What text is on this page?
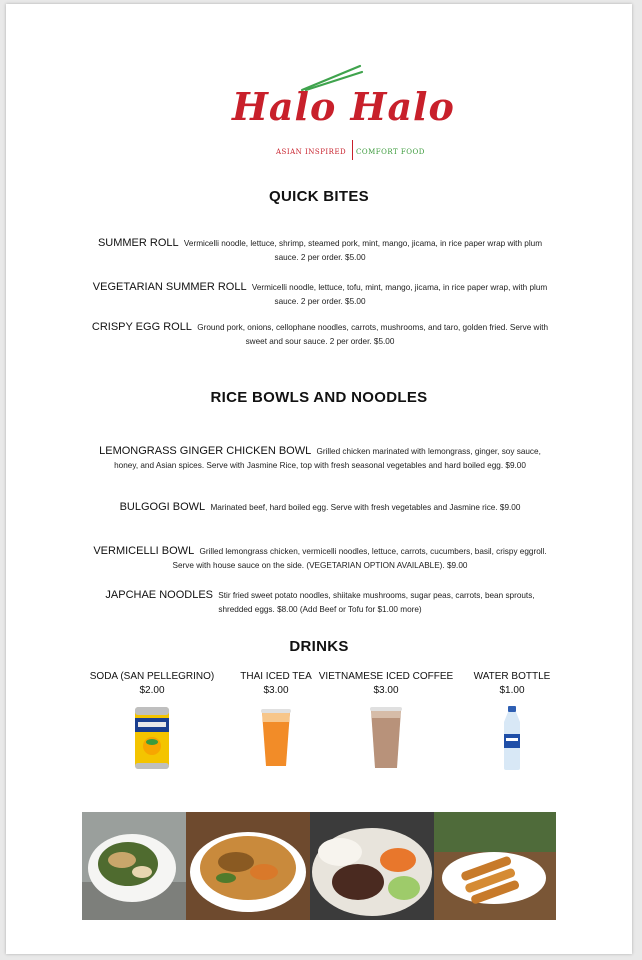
Halo Halo
ASIAN INSPIRED COMFORT FOOD
QUICK BITES
SUMMER ROLL Vermicelli noodle, lettuce, shrimp, steamed pork, mint, mango, jicama, in rice paper wrap with plum sauce. 2 per order. $5.00
VEGETARIAN SUMMER ROLL Vermicelli noodle, lettuce, tofu, mint, mango, jicama, in rice paper wrap, with plum sauce. 2 per order. $5.00
CRISPY EGG ROLL Ground pork, onions, cellophane noodles, carrots, mushrooms, and taro, golden fried. Serve with sweet and sour sauce. 2 per order. $5.00
RICE BOWLS AND NOODLES
LEMONGRASS GINGER CHICKEN BOWL Grilled chicken marinated with lemongrass, ginger, soy sauce, honey, and Asian spices. Serve with Jasmine Rice, top with fresh seasonal vegetables and hard boiled egg. $9.00
BULGOGI BOWL Marinated beef, hard boiled egg. Serve with fresh vegetables and Jasmine rice. $9.00
VERMICELLI BOWL Grilled lemongrass chicken, vermicelli noodles, lettuce, carrots, cucumbers, basil, crispy eggroll. Serve with house sauce on the side. (VEGETARIAN OPTION AVAILABLE). $9.00
JAPCHAE NOODLES Stir fried sweet potato noodles, shiitake mushrooms, sugar peas, carrots, bean sprouts, shredded eggs. $8.00 (Add Beef or Tofu for $1.00 more)
DRINKS
SODA (SAN PELLEGRINO)
$2.00
THAI ICED TEA
$3.00
VIETNAMESE ICED COFFEE
$3.00
WATER BOTTLE
$1.00
